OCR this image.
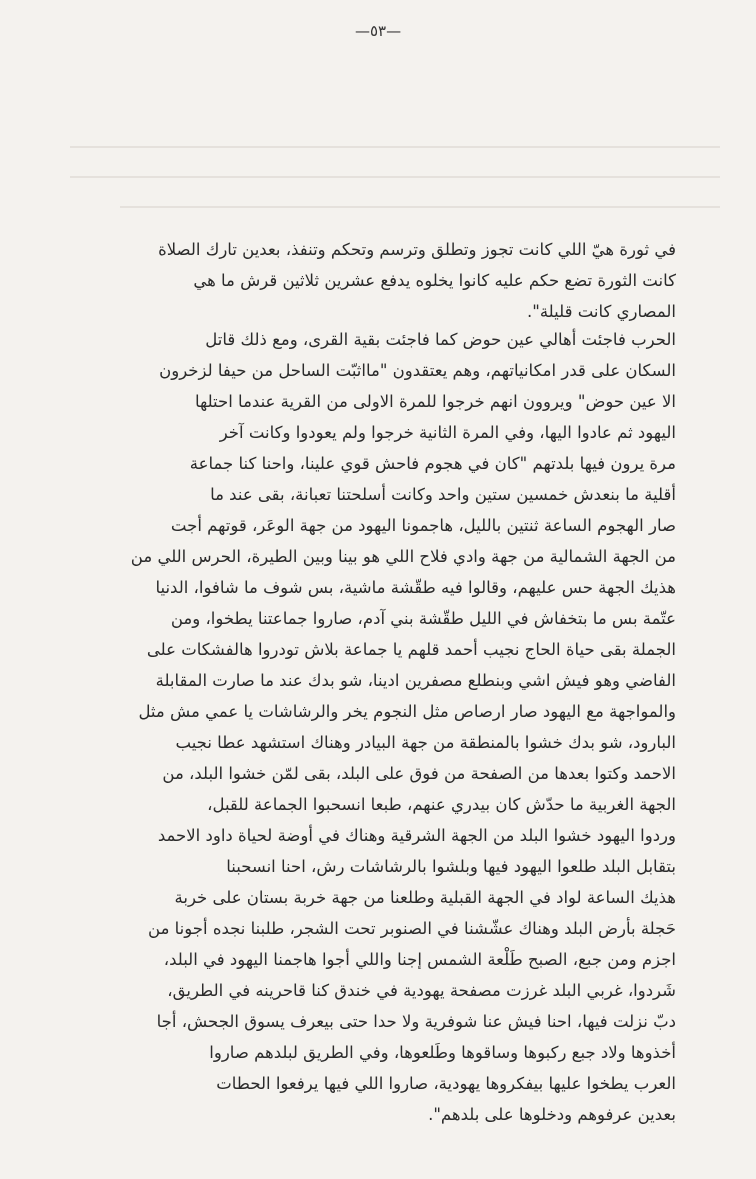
—٥٣—
في ثورة هيّ اللي كانت تجوز وتطلق وترسم وتحكم وتنفذ، بعدين تارك الصلاة
كانت الثورة تضع حكم عليه كانوا يخلوه يدفع عشرين ثلاثين قرش ما هي
المصاري كانت قليلة".
الحرب فاجئت أهالي عين حوض كما فاجئت بقية القرى، ومع ذلك قاتل
السكان على قدر امكانياتهم، وهم يعتقدون "مااثبّت الساحل من حيفا لزخرون
الا عين حوض" ويروون انهم خرجوا للمرة الاولى من القرية عندما احتلها
اليهود ثم عادوا اليها، وفي المرة الثانية خرجوا ولم يعودوا وكانت آخر
مرة يرون فيها بلدتهم "كان في هجوم فاحش قوي علينا، واحنا كنا جماعة
أقلية ما بنعدش خمسين ستين واحد وكانت أسلحتنا تعبانة، بقى عند ما
صار الهجوم الساعة ثنتين بالليل، هاجمونا اليهود من جهة الوعَر، قوتهم أجت
من الجهة الشمالية من جهة وادي فلاح اللي هو بينا وبين الطيرة، الحرس اللي من
هذيك الجهة حس عليهم، وقالوا فيه طقّشة ماشية، بس شوف ما شافوا، الدنيا
عتّمة بس ما بتخفاش في الليل طقّشة بني آدم، صاروا جماعتنا يطخوا، ومن
الجملة بقى حياة الحاج نجيب أحمد قلهم يا جماعة بلاش تودروا هالفشكات على
الفاضي وهو فيش اشي وبنطلع مصفرين ادينا، شو بدك عند ما صارت المقابلة
والمواجهة مع اليهود صار ارصاص مثل النجوم يخر والرشاشات يا عمي مش مثل
البارود، شو بدك خشوا بالمنطقة من جهة البيادر وهناك استشهد عطا نجيب
الاحمد وكتوا بعدها من الصفحة من فوق على البلد، بقى لمّن خشوا البلد، من
الجهة الغربية ما حدّش كان بيدري عنهم، طبعا انسحبوا الجماعة للقبل،
وردوا اليهود خشوا البلد من الجهة الشرقية وهناك في أوضة لحياة داود الاحمد
بتقابل البلد طلعوا اليهود فيها وبلشوا بالرشاشات رش، احنا انسحبنا
هذيك الساعة لواد في الجهة القبلية وطلعنا من جهة خربة بستان على خربة
حَجلة بأرض البلد وهناك عشّشنا في الصنوبر تحت الشجر، طلبنا نجده أجونا من
اجزم ومن جبع، الصبح طَلْعة الشمس إجنا واللي أجوا هاجمنا اليهود في البلد،
شَردوا، غربي البلد غرزت مصفحة يهودية في خندق كنا قاحرينه في الطريق،
دبّ نزلت فيها، احنا فيش عنا شوفرية ولا حدا حتى بيعرف يسوق الجحش، أجا
أخذوها ولاد جبع ركبوها وساقوها وطَلعوها، وفي الطريق لبلدهم صاروا
العرب يطخوا عليها بيفكروها يهودية، صاروا اللي فيها يرفعوا الحطات
بعدين عرفوهم ودخلوها على بلدهم".
